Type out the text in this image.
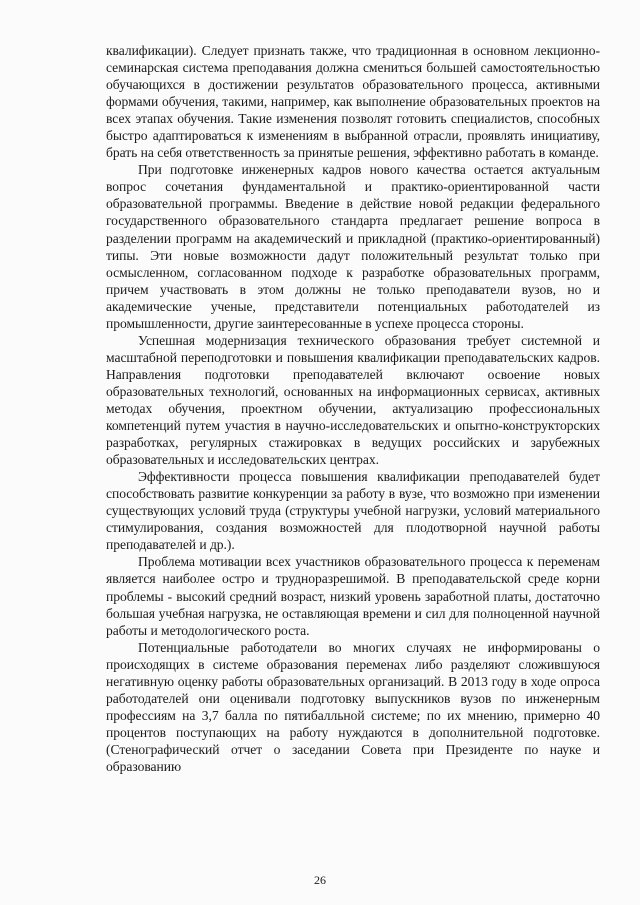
квалификации). Следует признать также, что традиционная в основном лекционно-семинарская система преподавания должна смениться большей самостоятельностью обучающихся в достижении результатов образовательного процесса, активными формами обучения, такими, например, как выполнение образовательных проектов на всех этапах обучения. Такие изменения позволят готовить специалистов, способных быстро адаптироваться к изменениям в выбранной отрасли, проявлять инициативу, брать на себя ответственность за принятые решения, эффективно работать в команде.

При подготовке инженерных кадров нового качества остается актуальным вопрос сочетания фундаментальной и практико-ориентированной части образовательной программы. Введение в действие новой редакции федерального государственного образовательного стандарта предлагает решение вопроса в разделении программ на академический и прикладной (практико-ориентированный) типы. Эти новые возможности дадут положительный результат только при осмысленном, согласованном подходе к разработке образовательных программ, причем участвовать в этом должны не только преподаватели вузов, но и академические ученые, представители потенциальных работодателей из промышленности, другие заинтересованные в успехе процесса стороны.

Успешная модернизация технического образования требует системной и масштабной переподготовки и повышения квалификации преподавательских кадров. Направления подготовки преподавателей включают освоение новых образовательных технологий, основанных на информационных сервисах, активных методах обучения, проектном обучении, актуализацию профессиональных компетенций путем участия в научно-исследовательских и опытно-конструкторских разработках, регулярных стажировках в ведущих российских и зарубежных образовательных и исследовательских центрах.

Эффективности процесса повышения квалификации преподавателей будет способствовать развитие конкуренции за работу в вузе, что возможно при изменении существующих условий труда (структуры учебной нагрузки, условий материального стимулирования, создания возможностей для плодотворной научной работы преподавателей и др.).

Проблема мотивации всех участников образовательного процесса к переменам является наиболее остро и трудноразрешимой. В преподавательской среде корни проблемы - высокий средний возраст, низкий уровень заработной платы, достаточно большая учебная нагрузка, не оставляющая времени и сил для полноценной научной работы и методологического роста.

Потенциальные работодатели во многих случаях не информированы о происходящих в системе образования переменах либо разделяют сложившуюся негативную оценку работы образовательных организаций. В 2013 году в ходе опроса работодателей они оценивали подготовку выпускников вузов по инженерным профессиям на 3,7 балла по пятибалльной системе; по их мнению, примерно 40 процентов поступающих на работу нуждаются в дополнительной подготовке. (Стенографический отчет о заседании Совета при Президенте по науке и образованию

26
